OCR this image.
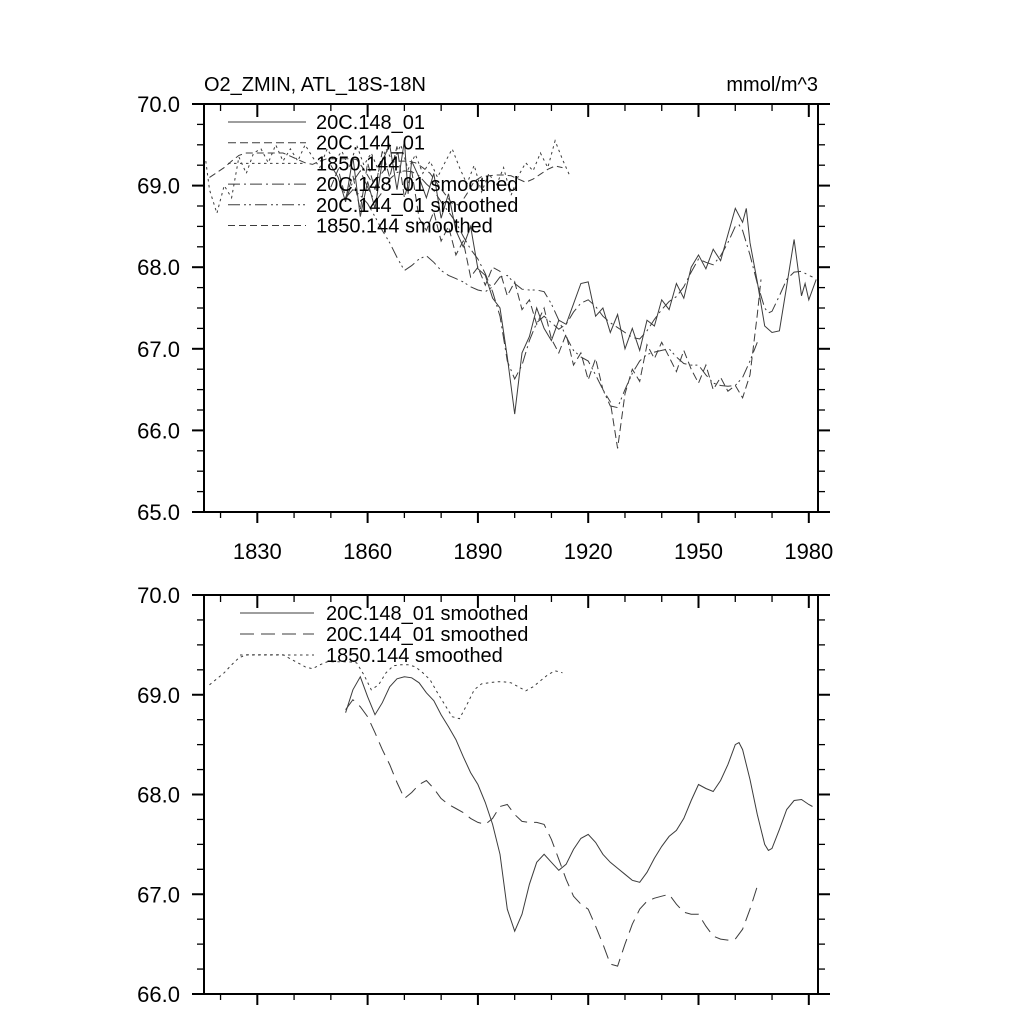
O2_ZMIN, ATL_18S-18N	mmol/m^3
1830	1860	1890	1920	1950	1980
70.0
69.0
68.0
67.0
66.0
65.0
70.0
69.0
68.0
67.0
66.0
20C.148_01
20C.144_01
1850.144
20C.148_01 smoothed
20C.144_01 smoothed
1850.144 smoothed
20C.148_01 smoothed
20C.144_01 smoothed
1850.144 smoothed
